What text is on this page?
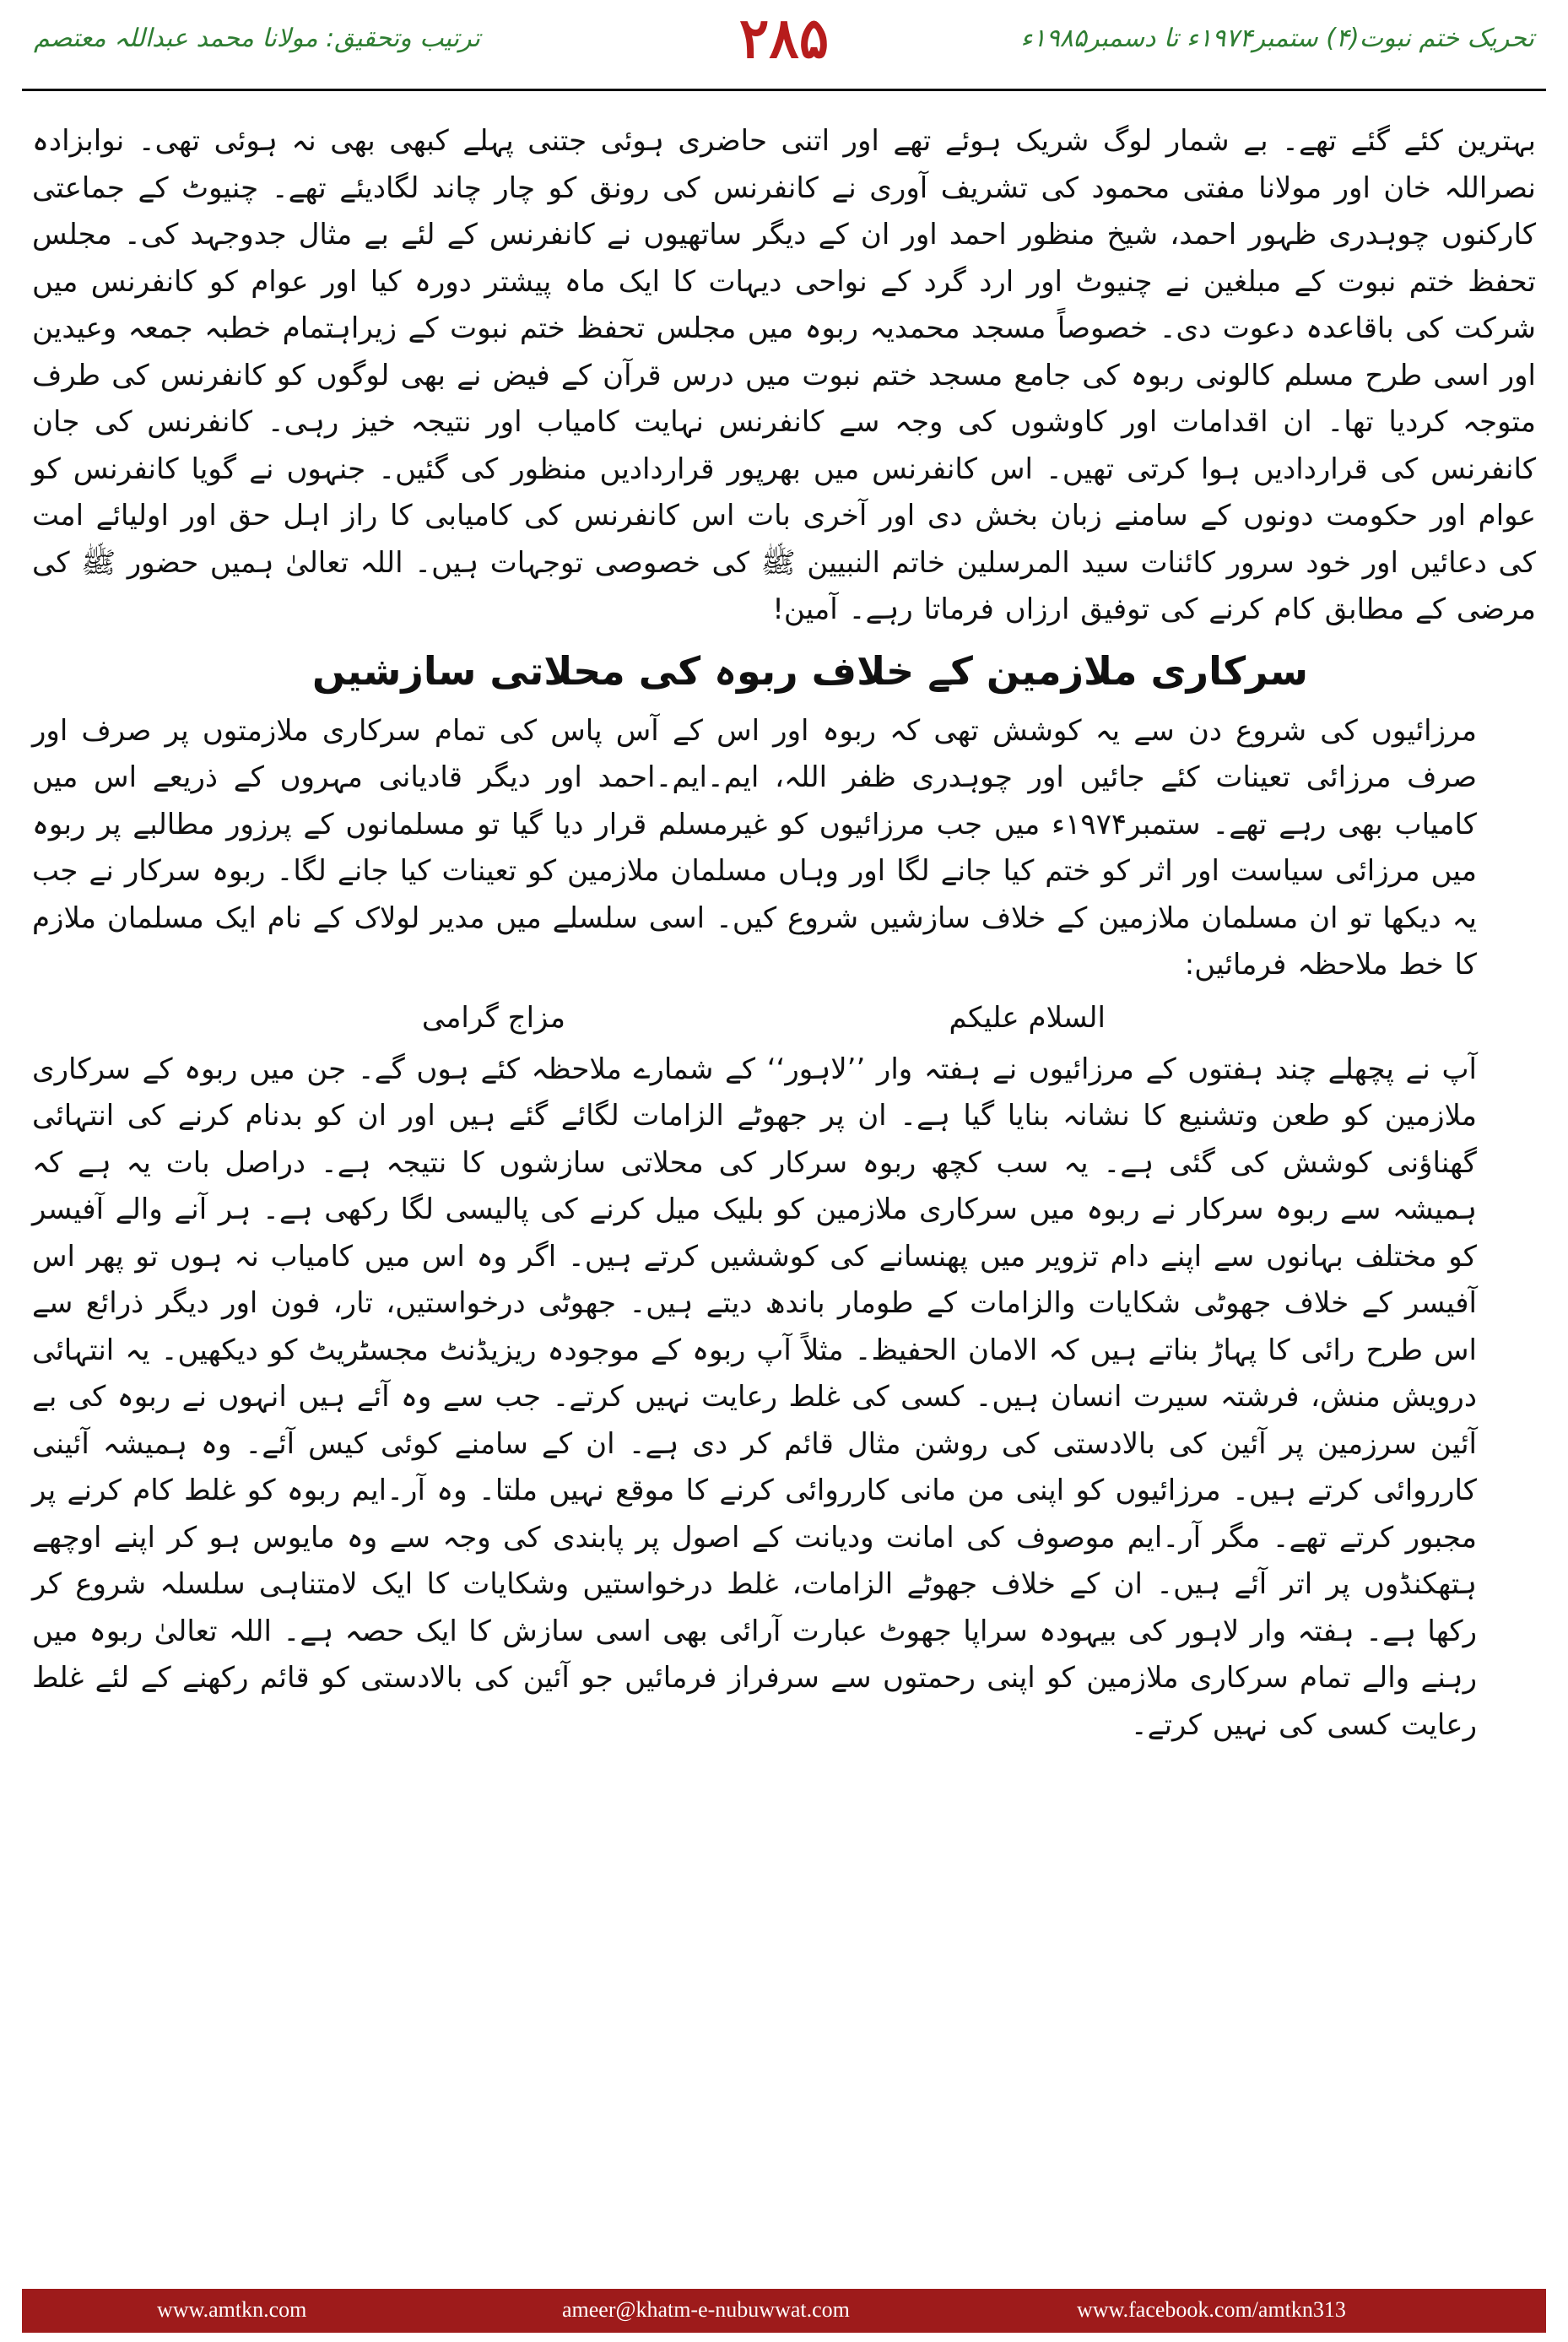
تحریک ختم نبوت(۴) ستمبر۱۹۷۴ء تا دسمبر۱۹۸۵ء
۲۸۵
ترتیب وتحقیق: مولانا محمد عبداللہ معتصم

بہترین کئے گئے تھے۔ بے شمار لوگ شریک ہوئے تھے اور اتنی حاضری ہوئی جتنی پہلے کبھی بھی نہ ہوئی تھی۔ نوابزادہ نصراللہ خان اور مولانا مفتی محمود کی تشریف آوری نے کانفرنس کی رونق کو چار چاند لگادیئے تھے۔ چنیوٹ کے جماعتی کارکنوں چوہدری ظہور احمد، شیخ منظور احمد اور ان کے دیگر ساتھیوں نے کانفرنس کے لئے بے مثال جدوجہد کی۔ مجلس تحفظ ختم نبوت کے مبلغین نے چنیوٹ اور ارد گرد کے نواحی دیہات کا ایک ماہ پیشتر دورہ کیا اور عوام کو کانفرنس میں شرکت کی باقاعدہ دعوت دی۔ خصوصاً مسجد محمدیہ ربوہ میں مجلس تحفظ ختم نبوت کے زیراہتمام خطبہ جمعہ وعیدین اور اسی طرح مسلم کالونی ربوہ کی جامع مسجد ختم نبوت میں درس قرآن کے فیض نے بھی لوگوں کو کانفرنس کی طرف متوجہ کردیا تھا۔ ان اقدامات اور کاوشوں کی وجہ سے کانفرنس نہایت کامیاب اور نتیجہ خیز رہی۔ کانفرنس کی جان کانفرنس کی قراردادیں ہوا کرتی تھیں۔ اس کانفرنس میں بھرپور قراردادیں منظور کی گئیں۔ جنہوں نے گویا کانفرنس کو عوام اور حکومت دونوں کے سامنے زبان بخش دی اور آخری بات اس کانفرنس کی کامیابی کا راز اہل حق اور اولیائے امت کی دعائیں اور خود سرور کائنات سید المرسلین خاتم النبیین ﷺ کی خصوصی توجہات ہیں۔ اللہ تعالیٰ ہمیں حضور ﷺ کی مرضی کے مطابق کام کرنے کی توفیق ارزاں فرماتا رہے۔ آمین!

سرکاری ملازمین کے خلاف ربوہ کی محلاتی سازشیں

مرزائیوں کی شروع دن سے یہ کوشش تھی کہ ربوہ اور اس کے آس پاس کی تمام سرکاری ملازمتوں پر صرف اور صرف مرزائی تعینات کئے جائیں اور چوہدری ظفر اللہ، ایم۔ایم۔احمد اور دیگر قادیانی مہروں کے ذریعے اس میں کامیاب بھی رہے تھے۔ ستمبر۱۹۷۴ء میں جب مرزائیوں کو غیرمسلم قرار دیا گیا تو مسلمانوں کے پرزور مطالبے پر ربوہ میں مرزائی سیاست اور اثر کو ختم کیا جانے لگا اور وہاں مسلمان ملازمین کو تعینات کیا جانے لگا۔ ربوہ سرکار نے جب یہ دیکھا تو ان مسلمان ملازمین کے خلاف سازشیں شروع کیں۔ اسی سلسلے میں مدیر لولاک کے نام ایک مسلمان ملازم کا خط ملاحظہ فرمائیں:

السلام علیکم
مزاج گرامی

آپ نے پچھلے چند ہفتوں کے مرزائیوں نے ہفتہ وار ’’لاہور‘‘ کے شمارے ملاحظہ کئے ہوں گے۔ جن میں ربوہ کے سرکاری ملازمین کو طعن وتشنیع کا نشانہ بنایا گیا ہے۔ ان پر جھوٹے الزامات لگائے گئے ہیں اور ان کو بدنام کرنے کی انتہائی گھناؤنی کوشش کی گئی ہے۔ یہ سب کچھ ربوہ سرکار کی محلاتی سازشوں کا نتیجہ ہے۔ دراصل بات یہ ہے کہ ہمیشہ سے ربوہ سرکار نے ربوہ میں سرکاری ملازمین کو بلیک میل کرنے کی پالیسی لگا رکھی ہے۔ ہر آنے والے آفیسر کو مختلف بہانوں سے اپنے دام تزویر میں پھنسانے کی کوششیں کرتے ہیں۔ اگر وہ اس میں کامیاب نہ ہوں تو پھر اس آفیسر کے خلاف جھوٹی شکایات والزامات کے طومار باندھ دیتے ہیں۔ جھوٹی درخواستیں، تار، فون اور دیگر ذرائع سے اس طرح رائی کا پہاڑ بناتے ہیں کہ الامان الحفیظ۔ مثلاً آپ ربوہ کے موجودہ ریزیڈنٹ مجسٹریٹ کو دیکھیں۔ یہ انتہائی درویش منش، فرشتہ سیرت انسان ہیں۔ کسی کی غلط رعایت نہیں کرتے۔ جب سے وہ آئے ہیں انہوں نے ربوہ کی بے آئین سرزمین پر آئین کی بالادستی کی روشن مثال قائم کر دی ہے۔ ان کے سامنے کوئی کیس آئے۔ وہ ہمیشہ آئینی کارروائی کرتے ہیں۔ مرزائیوں کو اپنی من مانی کارروائی کرنے کا موقع نہیں ملتا۔ وہ آر۔ایم ربوہ کو غلط کام کرنے پر مجبور کرتے تھے۔ مگر آر۔ایم موصوف کی امانت ودیانت کے اصول پر پابندی کی وجہ سے وہ مایوس ہو کر اپنے اوچھے ہتھکنڈوں پر اتر آئے ہیں۔ ان کے خلاف جھوٹے الزامات، غلط درخواستیں وشکایات کا ایک لامتناہی سلسلہ شروع کر رکھا ہے۔ ہفتہ وار لاہور کی بیہودہ سراپا جھوٹ عبارت آرائی بھی اسی سازش کا ایک حصہ ہے۔ اللہ تعالیٰ ربوہ میں رہنے والے تمام سرکاری ملازمین کو اپنی رحمتوں سے سرفراز فرمائیں جو آئین کی بالادستی کو قائم رکھنے کے لئے غلط رعایت کسی کی نہیں کرتے۔

www.amtkn.com	ameer@khatm-e-nubuwwat.com	www.facebook.com/amtkn313
